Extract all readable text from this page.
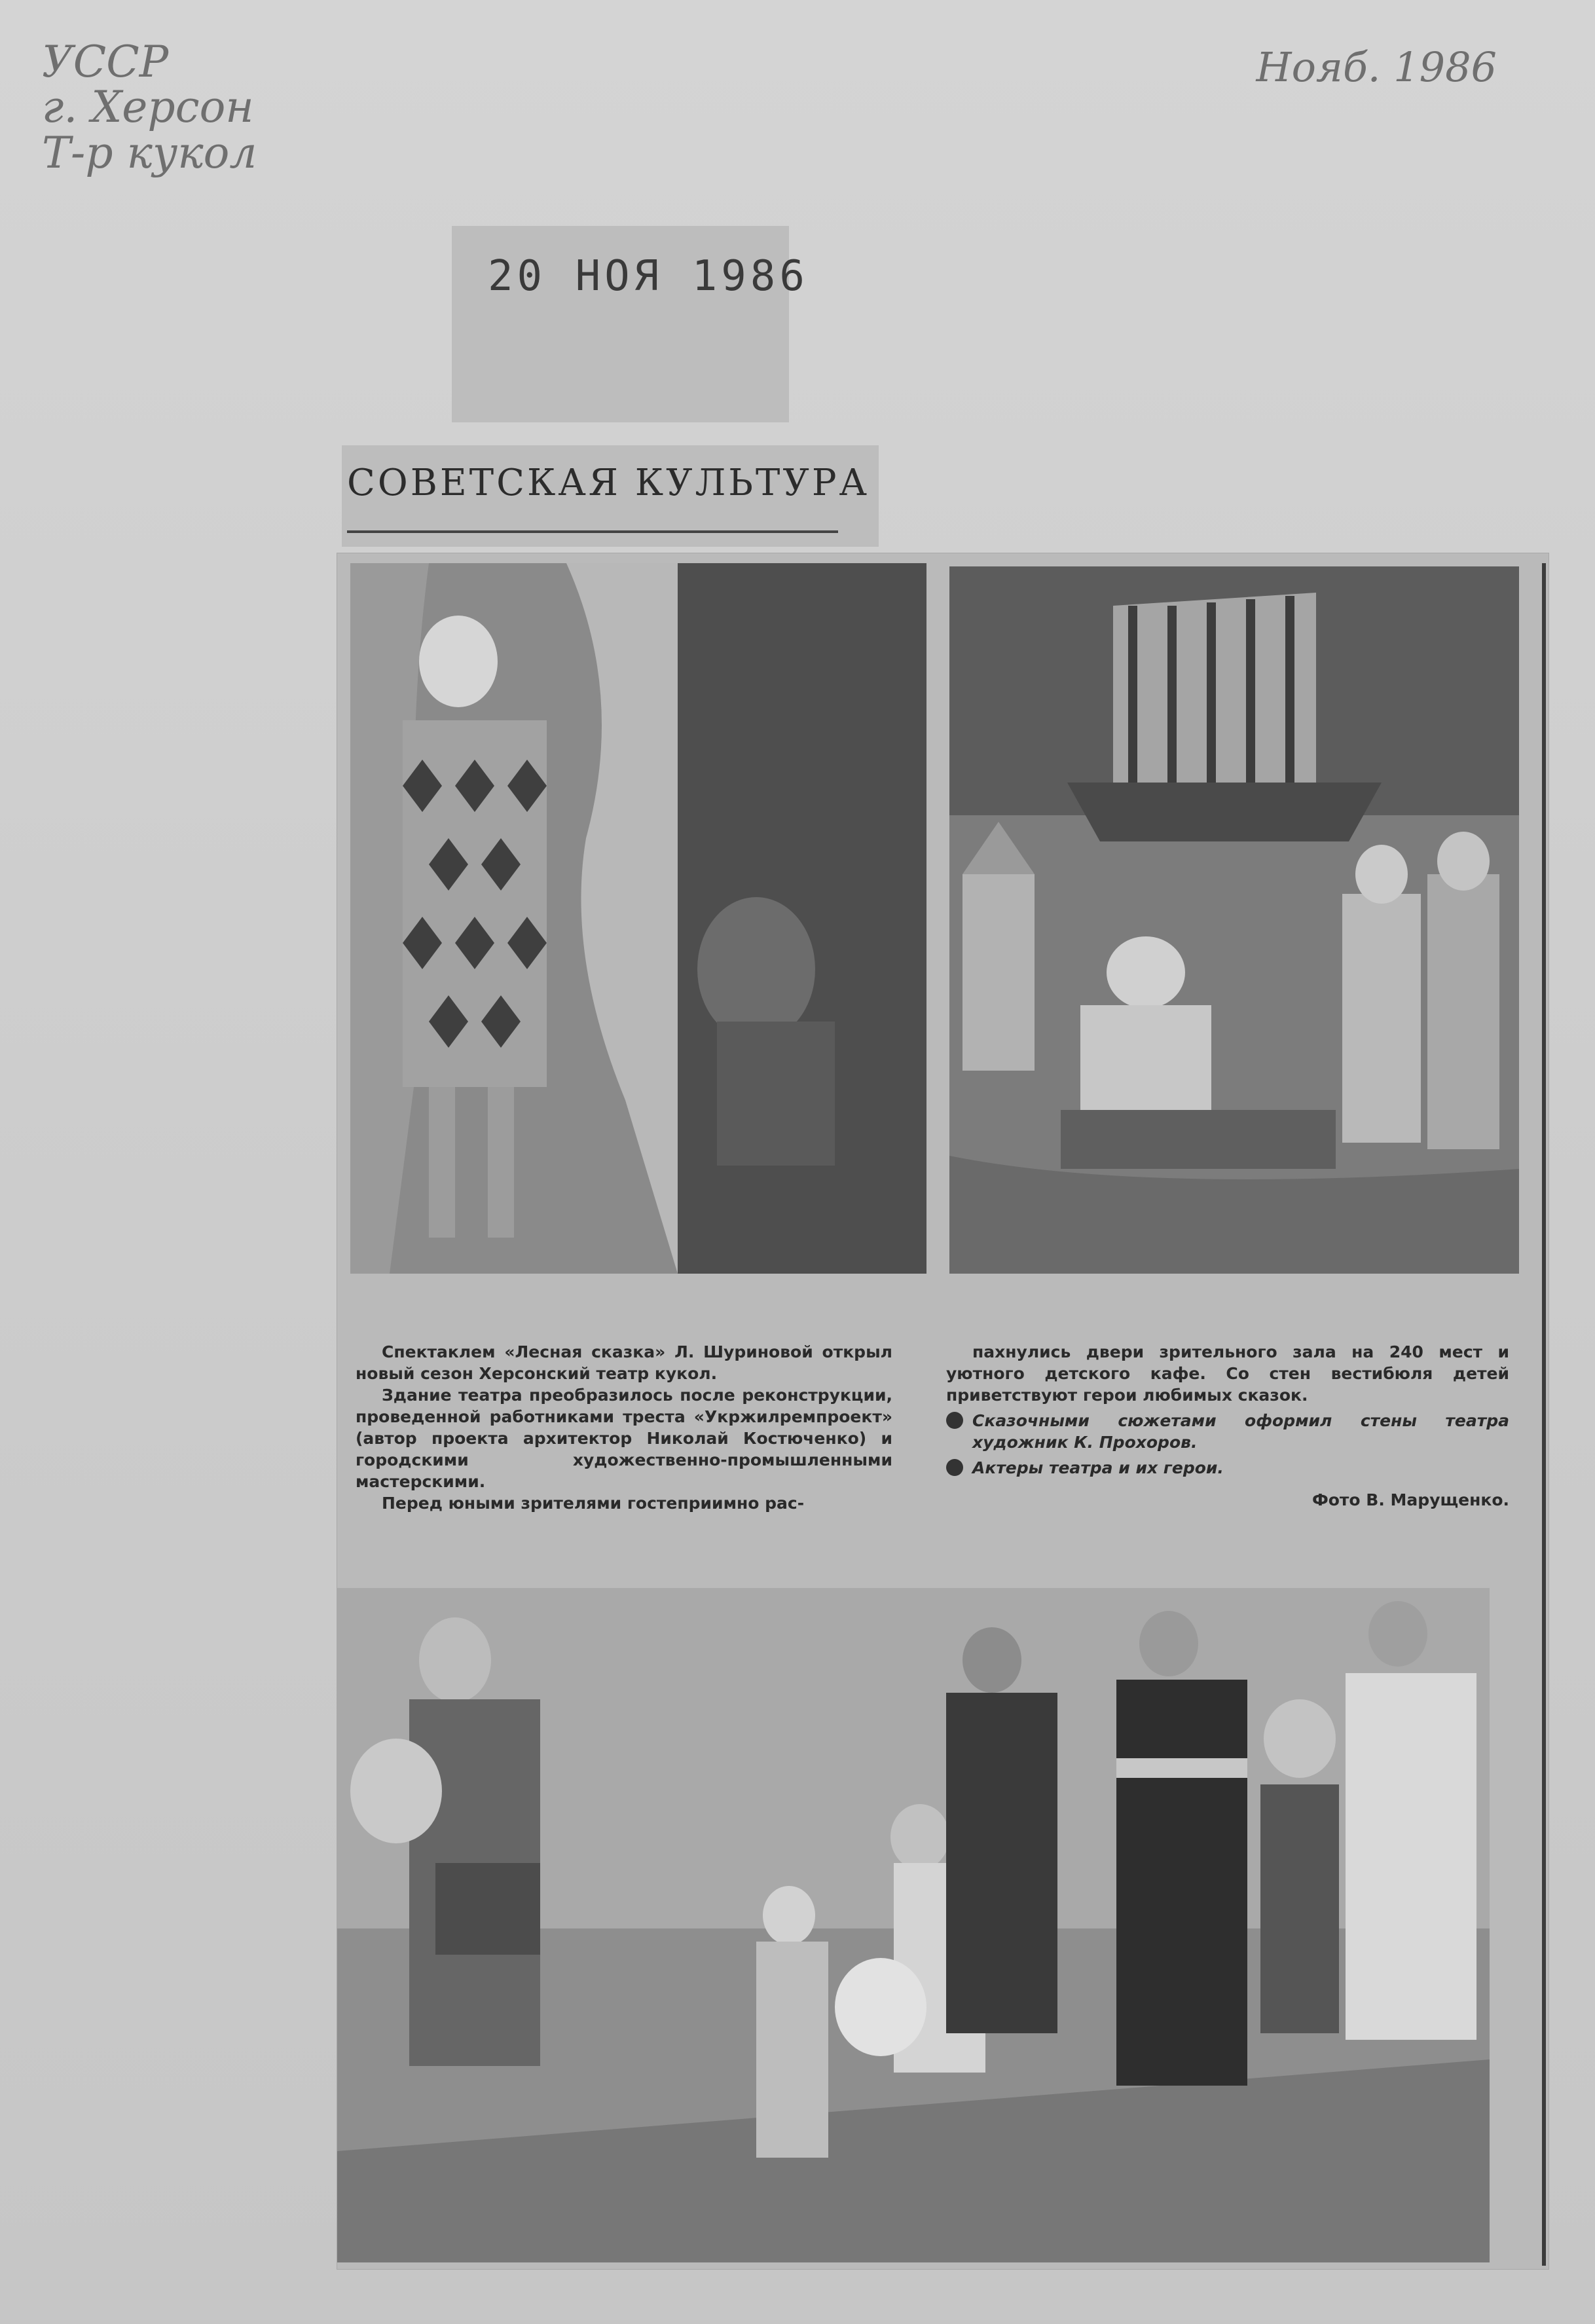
УССР
г. Херсон
Т-р кукол
Нояб. 1986
20 НОЯ 1986
СОВЕТСКАЯ КУЛЬТУРА

Спектаклем «Лесная сказка» Л. Шуриновой открыл новый сезон Херсонский театр кукол.

Здание театра преобразилось после реконструкции, проведенной работниками треста «Укржилремпроект» (автор проекта архитектор Николай Костюченко) и городскими художественно-промышленными мастерскими.

Перед юными зрителями гостеприимно рас-

пахнулись двери зрительного зала на 240 мест и уютного детского кафе. Со стен вестибюля детей приветствуют герои любимых сказок.

Сказочными сюжетами оформил стены театра художник К. Прохоров.
Актеры театра и их герои.
Фото В. Марущенко.
